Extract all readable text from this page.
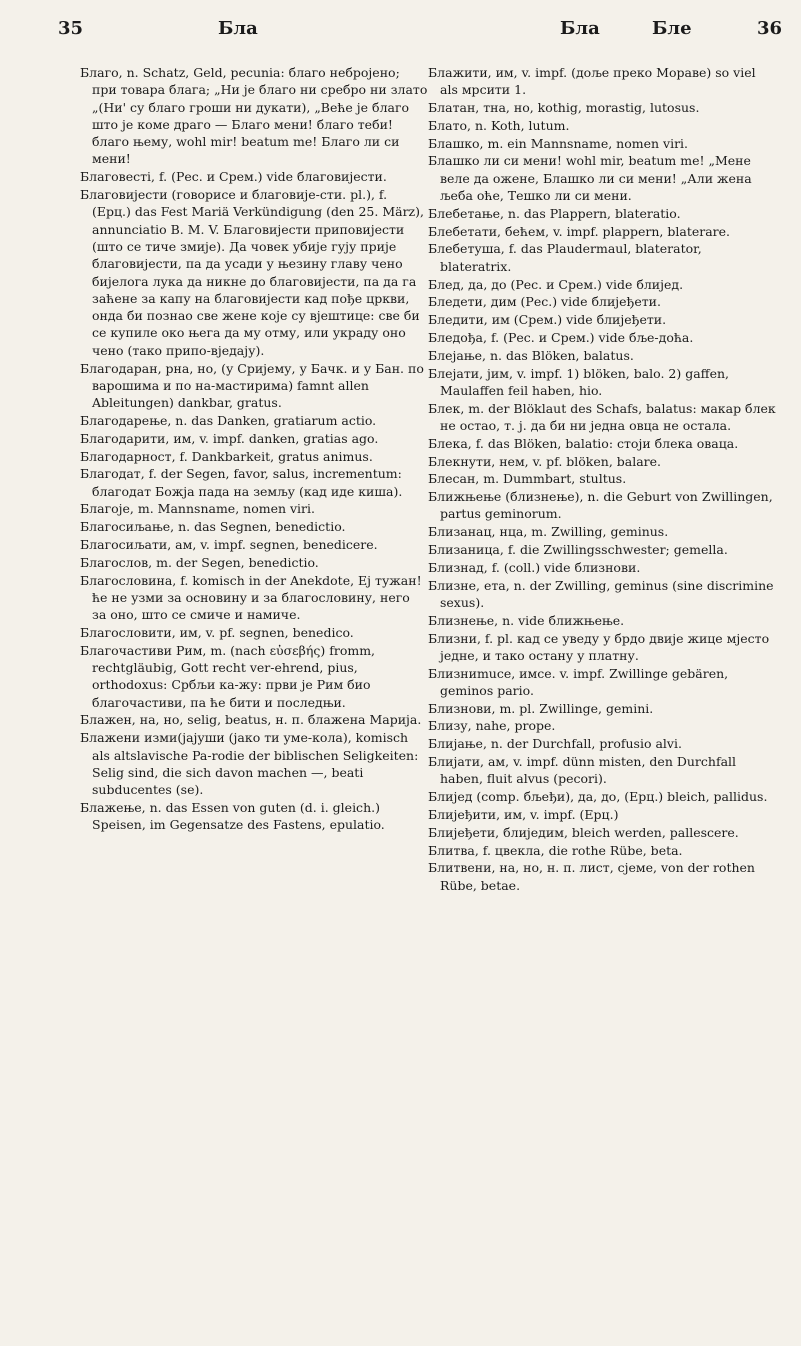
35	Бла	Бла	Бле	36

Благо, n. Schatz, Geld, pecunia: благо небројено; при товара блага; „Ни је благо ни сребро ни злато „(Ни' су благо гроши ни дукати), „Веће је благо што је коме драго — Благо мени! благо теби! благо њему, wohl mir! beatum me! Благо ли си мени!

Благовесті, f. (Рес. и Срем.) vide благовијести.

Благовијести (говорисе и благовије-сти. pl.), f. (Ерц.) das Fest Mariä Verkündigung (den 25. März), annunciatio B. M. V. Благовијести приповијести (што се тиче змије). Да човек убије гују прије благовијести, па да усади у њезину главу чено бијелога лука да никне до благовијести, па да га заћене за капу на благовијести кад пођe цркви, онда би познао све жене које су вјештице: све би се купиле око њега да му отму, или украду оно чено (тако припо-вједају).

Благодаран, рна, но, (у Сријему, у Бачк. и у Бан. по варошима и по на-мастирима) famnt allen Ableitungen) dankbar, gratus.

Благодарење, n. das Danken, gratiarum actio.

Благодарити, им, v. impf. danken, gratias ago.

Благодарност, f. Dankbarkeit, gratus animus.

Благодат, f. der Segen, favor, salus, incrementum: благодат Божја пада на земљу (кад иде киша).

Благоје, m. Mannsname, nomen viri.

Благосиљање, n. das Segnen, benedictio.

Благосиљати, ам, v. impf. segnen, benedicere.

Благослов, m. der Segen, benedictio.

Благословина, f. komisch in der Anekdote, Ej тужан! ће не узми за основину и за благословину, него за оно, што се смиче и намиче.

Благословити, им, v. pf. segnen, benedico.

Благочастиви Рим, m. (nach εὐσεβής) fromm, rechtgläubig, Gott recht ver-ehrend, pius, orthodoxus: Србљи ка-жу: први је Рим био благочастиви, па ће бити и последњи.

Блажен, на, но, selig, beatus, н. п. блажена Марија.

Блажени изми(јајуши (јако ти уме-кола), komisch als altslavische Pa-rodie der biblischen Seligkeiten: Selig sind, die sich davon machen —, beati subducentes (se).

Блажење, n. das Essen von guten (d. i. gleich.) Speisen, im Gegensatze des Fastens, epulatio.

Блажити, им, v. impf. (доље преко Мораве) so viel als мрсити 1.

Блатан, тна, но, kothig, morastig, lutosus.

Блато, n. Koth, lutum.

Блашко, m. ein Mannsname, nomen viri.

Блашко ли си мени! wohl mir, beatum me! „Мене веле да ожене, Блашко ли си мени! „Али жена љеба оће, Тешко ли си мени.

Блебетање, n. das Plappern, blateratio.

Блебетати, бећем, v. impf. plappern, blaterare.

Блебетуша, f. das Plaudermaul, blaterator, blateratrix.

Блед, да, до (Рес. и Срем.) vide блијед.

Бледети, дим (Рес.) vide блијеђети.

Бледити, им (Срем.) vide блијеђети.

Бледођа, f. (Рес. и Срем.) vide бље-доћа.

Блејање, n. das Blöken, balatus.

Блејати, јим, v. impf. 1) blöken, balo. 2) gaffen, Maulaffen feil haben, hio.

Блек, m. der Blöklaut des Schafs, balatus: макар блек не остао, т. ј. да би ни једна овца не остала.

Блека, f. das Blöken, balatio: стоји блека оваца.

Блекнути, нем, v. pf. blöken, balare.

Блесан, m. Dummbart, stultus.

Ближњење (близнење), n. die Geburt von Zwillingen, partus geminorum.

Близанац, нца, m. Zwilling, geminus.

Близаница, f. die Zwillingsschwester; gemella.

Близнад, f. (coll.) vide близнови.

Близне, ета, n. der Zwilling, geminus (sine discrimine sexus).

Близнење, n. vide ближњење.

Близни, f. pl. кад се уведу у брдо двије жице мјесто једне, и тако остану у платну.

Близниmuсе, имсе. v. impf. Zwillinge gebären, geminos pario.

Близнови, m. pl. Zwillinge, gemini.

Близу, nahe, prope.

Блијање, n. der Durchfall, profusio alvi.

Блијати, ам, v. impf. dünn misten, den Durchfall haben, fluit alvus (pecori).

Блијед (comp. бљеђи), да, до, (Ерц.) bleich, pallidus.

Блијеђити, им, v. impf. (Ерц.)

Блијеђети, блиједим, bleich werden, pallescere.

Блитва, f. цвекла, die rothe Rübe, beta.

Блитвени, на, но, н. п. лист, сјеме, von der rothen Rübe, betae.
